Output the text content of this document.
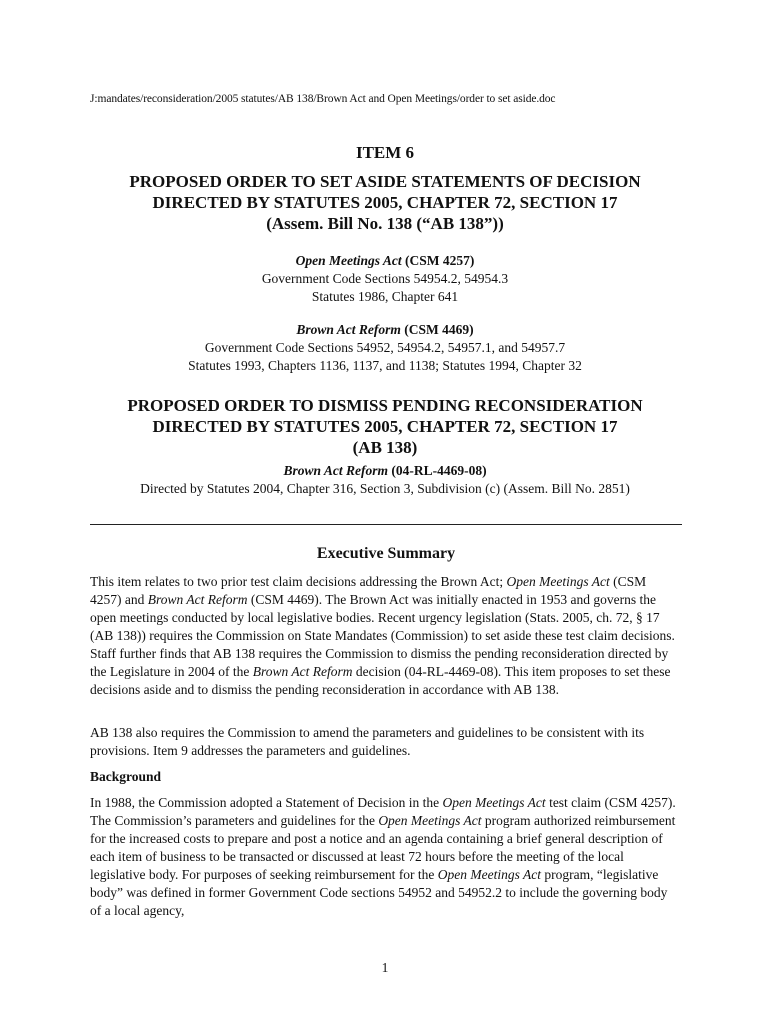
J:mandates/reconsideration/2005 statutes/AB 138/Brown Act and Open Meetings/order to set aside.doc
ITEM 6
PROPOSED ORDER TO SET ASIDE STATEMENTS OF DECISION
DIRECTED BY STATUTES 2005, CHAPTER 72, SECTION 17
(Assem. Bill No. 138 (“AB 138”))
Open Meetings Act (CSM 4257)
Government Code Sections 54954.2, 54954.3
Statutes 1986, Chapter 641
Brown Act Reform (CSM 4469)
Government Code Sections 54952, 54954.2, 54957.1, and 54957.7
Statutes 1993, Chapters 1136, 1137, and 1138; Statutes 1994, Chapter 32
PROPOSED ORDER TO DISMISS PENDING RECONSIDERATION
DIRECTED BY STATUTES 2005, CHAPTER 72, SECTION 17
(AB 138)
Brown Act Reform (04-RL-4469-08)
Directed by Statutes 2004, Chapter 316, Section 3, Subdivision (c) (Assem. Bill No. 2851)
Executive Summary
This item relates to two prior test claim decisions addressing the Brown Act; Open Meetings Act (CSM 4257) and Brown Act Reform (CSM 4469). The Brown Act was initially enacted in 1953 and governs the open meetings conducted by local legislative bodies. Recent urgency legislation (Stats. 2005, ch. 72, § 17 (AB 138)) requires the Commission on State Mandates (Commission) to set aside these test claim decisions. Staff further finds that AB 138 requires the Commission to dismiss the pending reconsideration directed by the Legislature in 2004 of the Brown Act Reform decision (04-RL-4469-08). This item proposes to set these decisions aside and to dismiss the pending reconsideration in accordance with AB 138.
AB 138 also requires the Commission to amend the parameters and guidelines to be consistent with its provisions. Item 9 addresses the parameters and guidelines.
Background
In 1988, the Commission adopted a Statement of Decision in the Open Meetings Act test claim (CSM 4257). The Commission’s parameters and guidelines for the Open Meetings Act program authorized reimbursement for the increased costs to prepare and post a notice and an agenda containing a brief general description of each item of business to be transacted or discussed at least 72 hours before the meeting of the local legislative body. For purposes of seeking reimbursement for the Open Meetings Act program, “legislative body” was defined in former Government Code sections 54952 and 54952.2 to include the governing body of a local agency,
1
